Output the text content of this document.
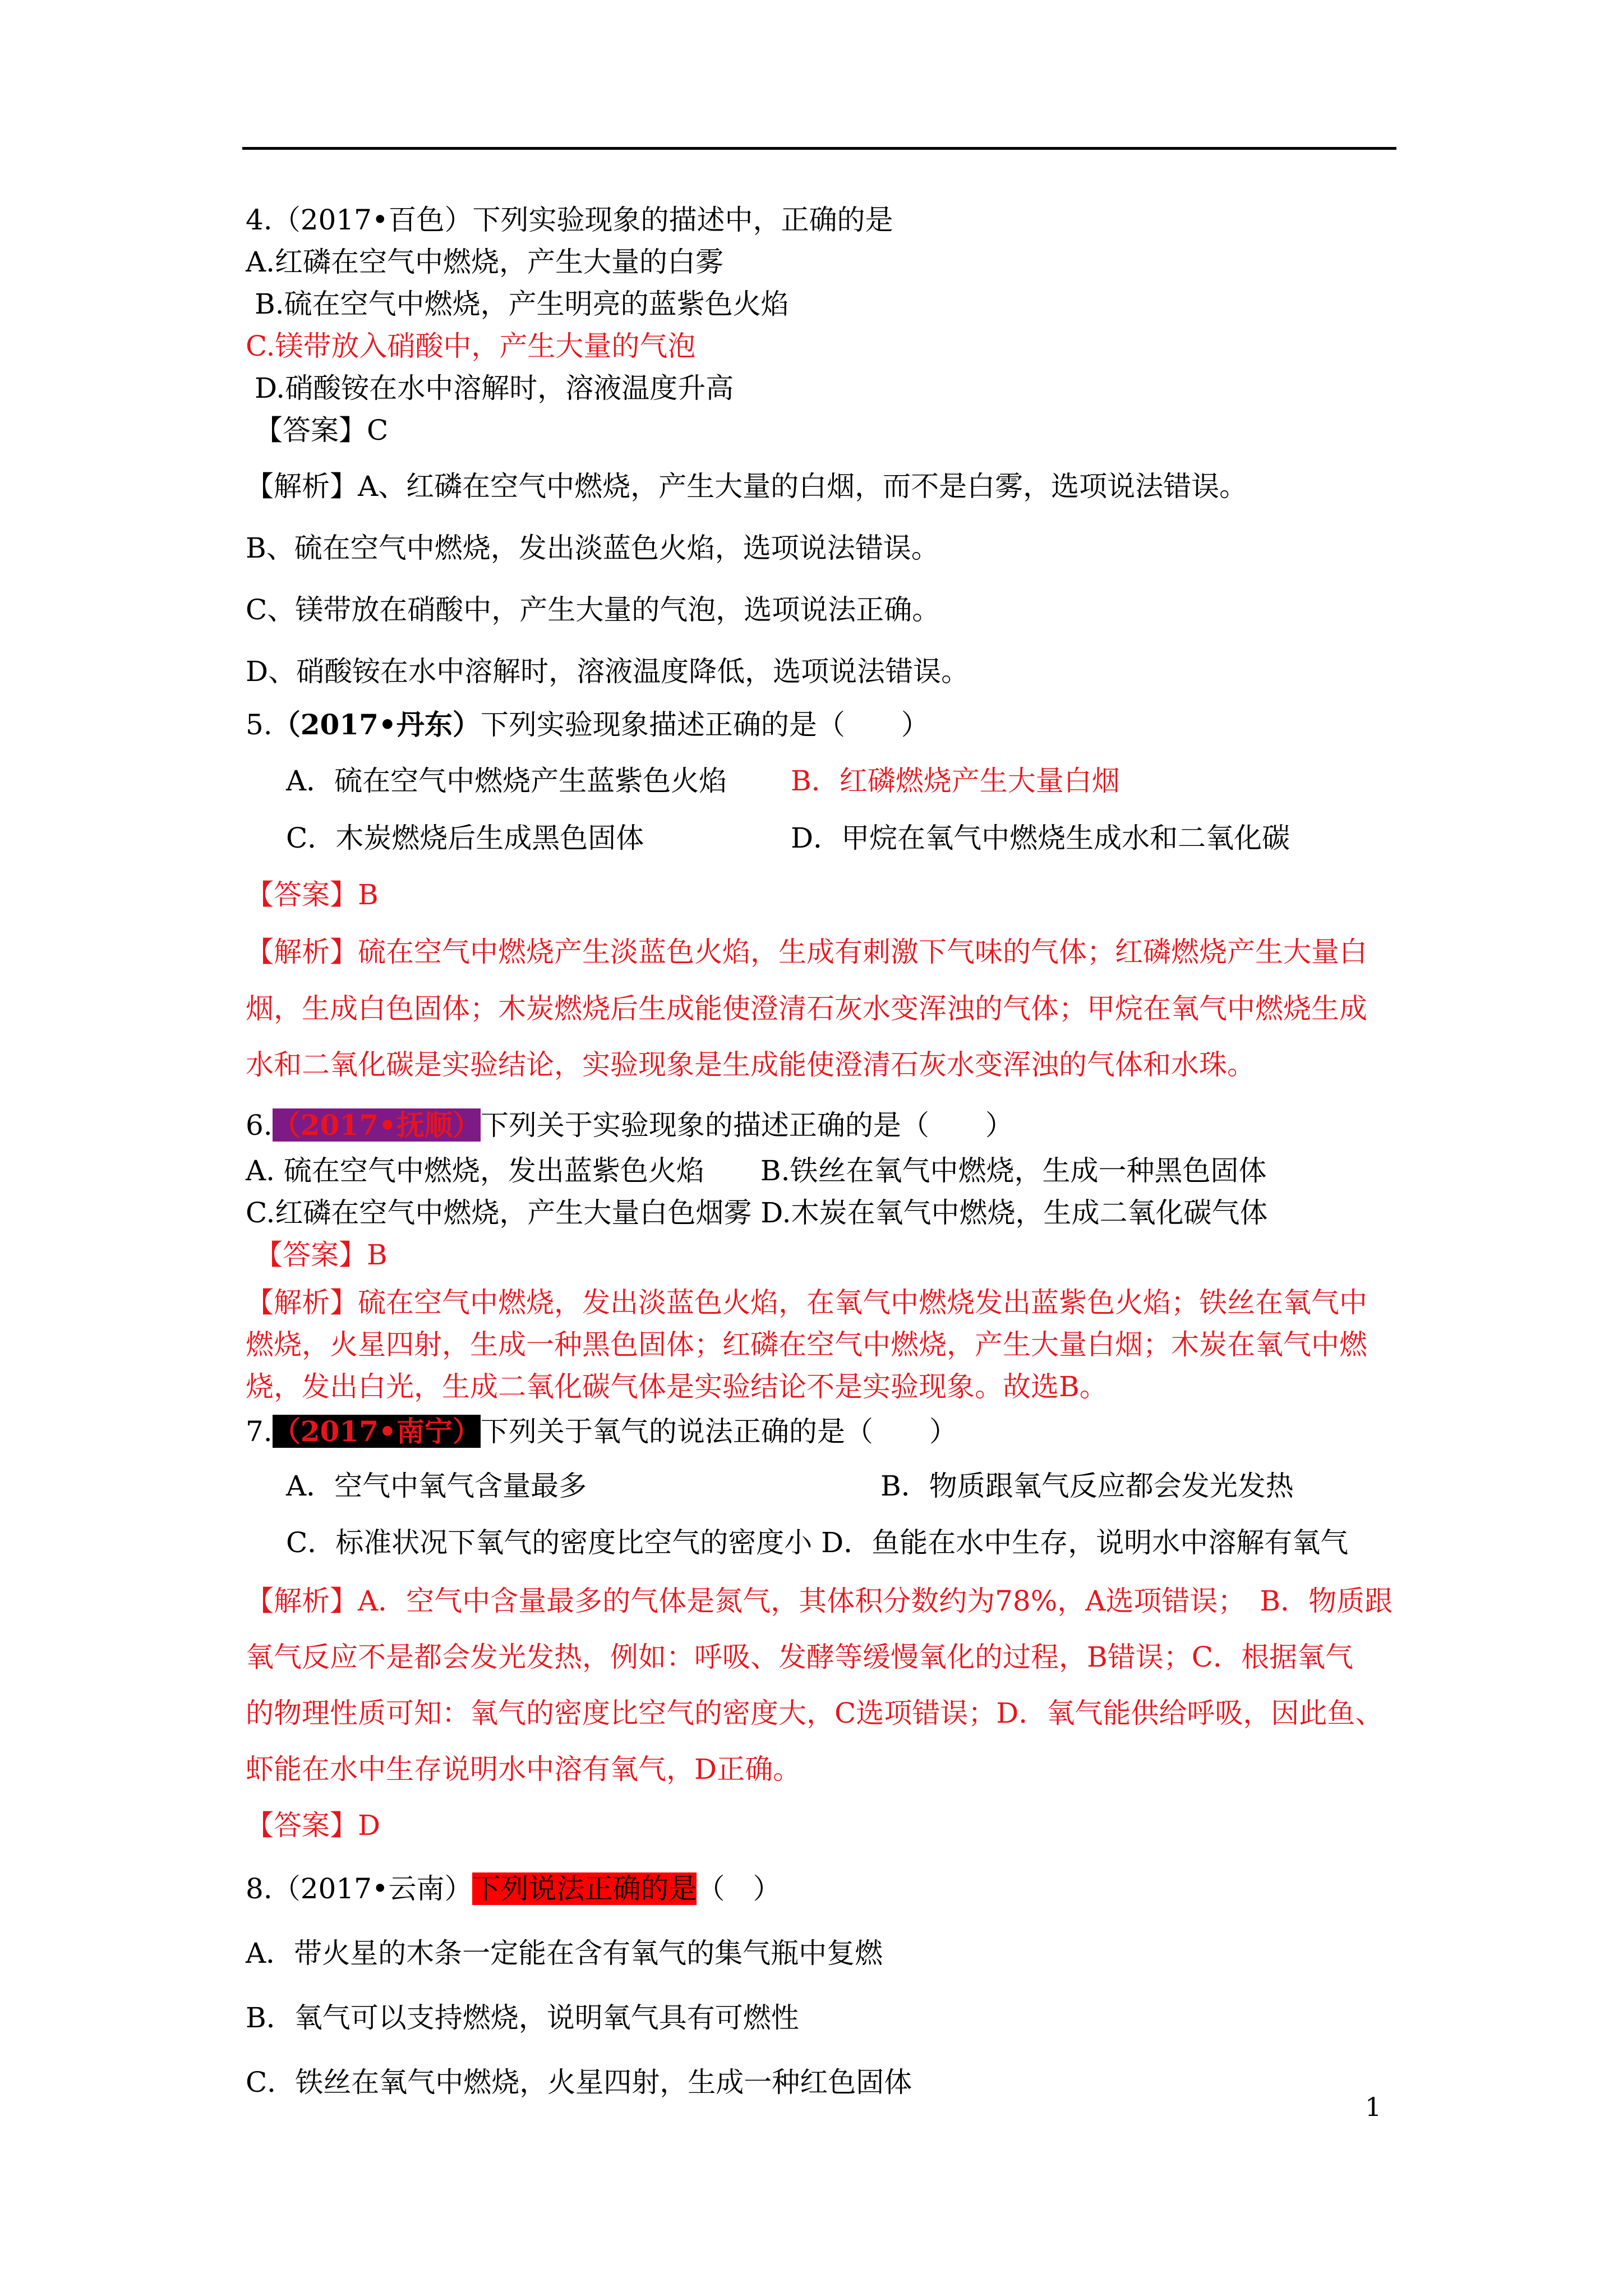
4.（2017•百色）下列实验现象的描述中，正确的是
A.红磷在空气中燃烧，产生大量的白雾
B.硫在空气中燃烧，产生明亮的蓝紫色火焰
C.镁带放入硝酸中，产生大量的气泡
D.硝酸铵在水中溶解时，溶液温度升高
【答案】C
【解析】A、红磷在空气中燃烧，产生大量的白烟，而不是白雾，选项说法错误。
B、硫在空气中燃烧，发出淡蓝色火焰，选项说法错误。
C、镁带放在硝酸中，产生大量的气泡，选项说法正确。
D、硝酸铵在水中溶解时，溶液温度降低，选项说法错误。
5.（2017•丹东）下列实验现象描述正确的是（　　）
A．硫在空气中燃烧产生蓝紫色火焰 B．红磷燃烧产生大量白烟
C．木炭燃烧后生成黑色固体	D．甲烷在氧气中燃烧生成水和二氧化碳
【答案】B
【解析】硫在空气中燃烧产生淡蓝色火焰，生成有刺激下气味的气体；红磷燃烧产生大量白
烟，生成白色固体；木炭燃烧后生成能使澄清石灰水变浑浊的气体；甲烷在氧气中燃烧生成
水和二氧化碳是实验结论，实验现象是生成能使澄清石灰水变浑浊的气体和水珠。
6.（2017•抚顺）下列关于实验现象的描述正确的是（　　）
A. 硫在空气中燃烧，发出蓝紫色火焰　　B.铁丝在氧气中燃烧，生成一种黑色固体
C.红磷在空气中燃烧，产生大量白色烟雾 D.木炭在氧气中燃烧，生成二氧化碳气体
【答案】B
【解析】硫在空气中燃烧，发出淡蓝色火焰，在氧气中燃烧发出蓝紫色火焰；铁丝在氧气中
燃烧，火星四射，生成一种黑色固体；红磷在空气中燃烧，产生大量白烟；木炭在氧气中燃
烧，发出白光，生成二氧化碳气体是实验结论不是实验现象。故选B。
7.（2017•南宁）下列关于氧气的说法正确的是（　　）
A．空气中氧气含量最多	B．物质跟氧气反应都会发光发热
C．标准状况下氧气的密度比空气的密度小 D．鱼能在水中生存，说明水中溶解有氧气
【解析】A．空气中含量最多的气体是氮气，其体积分数约为78%，A选项错误；　B．物质跟
氧气反应不是都会发光发热，例如：呼吸、发酵等缓慢氧化的过程，B错误；C．根据氧气
的物理性质可知：氧气的密度比空气的密度大，C选项错误；D．氧气能供给呼吸，因此鱼、
虾能在水中生存说明水中溶有氧气，D正确。
【答案】D
8.（2017•云南）下列说法正确的是（　）
A．带火星的木条一定能在含有氧气的集气瓶中复燃
B．氧气可以支持燃烧，说明氧气具有可燃性
C．铁丝在氧气中燃烧，火星四射，生成一种红色固体
1
